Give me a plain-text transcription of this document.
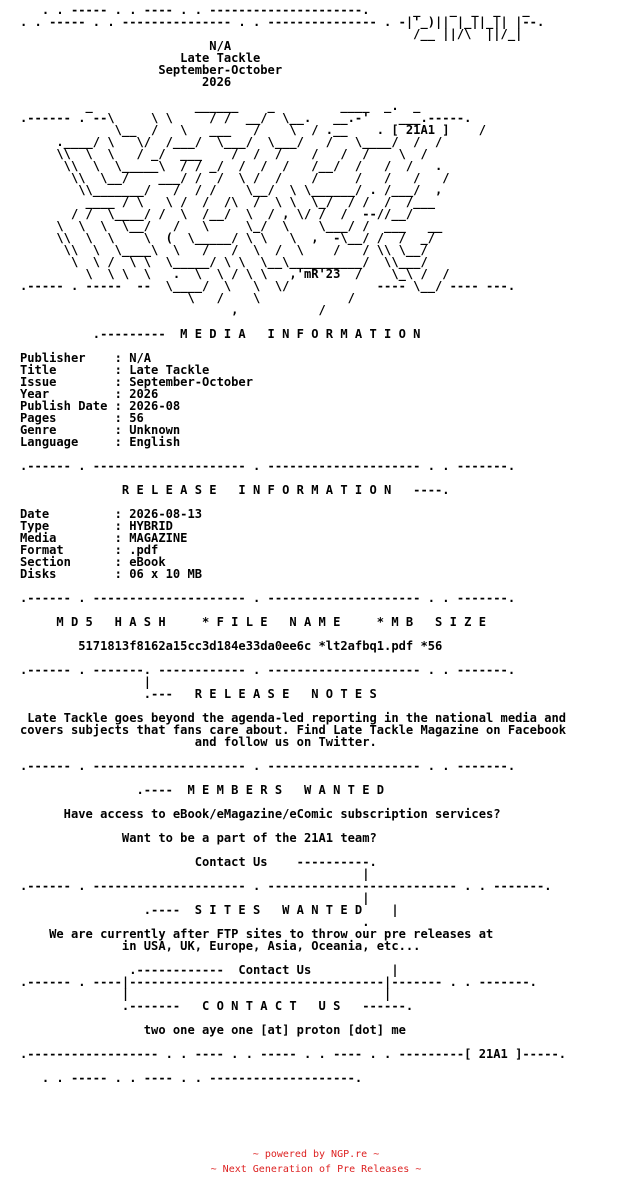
. . ----- . . ---- . . ---------------------.      _    _  _  _   _
. . ----- . . --------------- . . --------------- . -|'_)|| |_||_|| |--.
/__ ||/\  ||/_|
N/A
Late Tackle
September-October
2026

_              ______    _         ____  _.  _
.------ . --\     \ \     / /  __/  \__.   __.-'    ___.-----.
\__  /   \   ___   /    \  / .__    . [ 21A1 ]    /
.____/ \   \/  /___/  \___/  \___/   /   \____/  /  /
\\  \  \   / _/  ___    /  /  /    /   /  /    \  /
\\  \  \_____\  / / _/  /  /  /   /__/  /   /  /   .
\\  \__/    ___/ /  /  \ /  /    /     /   /   /   /
\\_______/   /  / /    \__/  \ \______/ . /___/  ,
____ / \   \ /  /  /\  /  \ \  \_/  / /  /  /___
/ /  \____/ /  \  /__/  \  / , \/ /  /  --//__/
\  \  \  \__/   /   \     \_/  \    \___/ /  ___   __
\\  \  \    \  (  \_____/ \ \   \  ,  -\__/ /  /  _/
\\  \  \____\  \   /   /  \  /  \    /   / \\ \__/
\  \ /  \ \  \_____/ \ \  \__\__________/  \\___/
\  \ \  \   .  \  \ / \ \   ,'mR'23  /    \_\ /  /
.----- . -----  --  \____/  \   \  \/            ---- \__/ ---- ---.
\   /    \            /
,           /

.---------  M E D I A   I N F O R M A T I O N

Publisher    : N/A
Title        : Late Tackle
Issue        : September-October
Year         : 2026
Publish Date : 2026-08
Pages        : 56
Genre        : Unknown
Language     : English

.------ . --------------------- . --------------------- . . -------.

R E L E A S E   I N F O R M A T I O N   ----.

Date         : 2026-08-13
Type         : HYBRID
Media        : MAGAZINE
Format       : .pdf
Section      : eBook
Disks        : 06 x 10 MB

.------ . --------------------- . --------------------- . . -------.

M D 5   H A S H     * F I L E   N A M E     * M B   S I Z E

5171813f8162a15cc3d184e33da0ee6c *lt2afbq1.pdf *56

.------ . -------. ------------ . --------------------- . . -------.
|
.---   R E L E A S E   N O T E S

Late Tackle goes beyond the agenda-led reporting in the national media and
covers subjects that fans care about. Find Late Tackle Magazine on Facebook
and follow us on Twitter.

.------ . --------------------- . --------------------- . . -------.

.----  M E M B E R S   W A N T E D

Have access to eBook/eMagazine/eComic subscription services?

Want to be a part of the 21A1 team?

Contact Us    ----------.
|
.------ . --------------------- . -------------------------- . . -------.
|
.----  S I T E S   W A N T E D    |
.
We are currently after FTP sites to throw our pre releases at
in USA, UK, Europe, Asia, Oceania, etc...

.------------  Contact Us           |
.------ . ----|-----------------------------------|------- . . -------.
|                                   |
.-------   C O N T A C T   U S   ------.

two one aye one [at] proton [dot] me

.------------------ . . ---- . . ----- . . ---- . . ---------[ 21A1 ]-----.

. . ----- . . ---- . . --------------------.

~ powered by NGP.re ~
~ Next Generation of Pre Releases ~
